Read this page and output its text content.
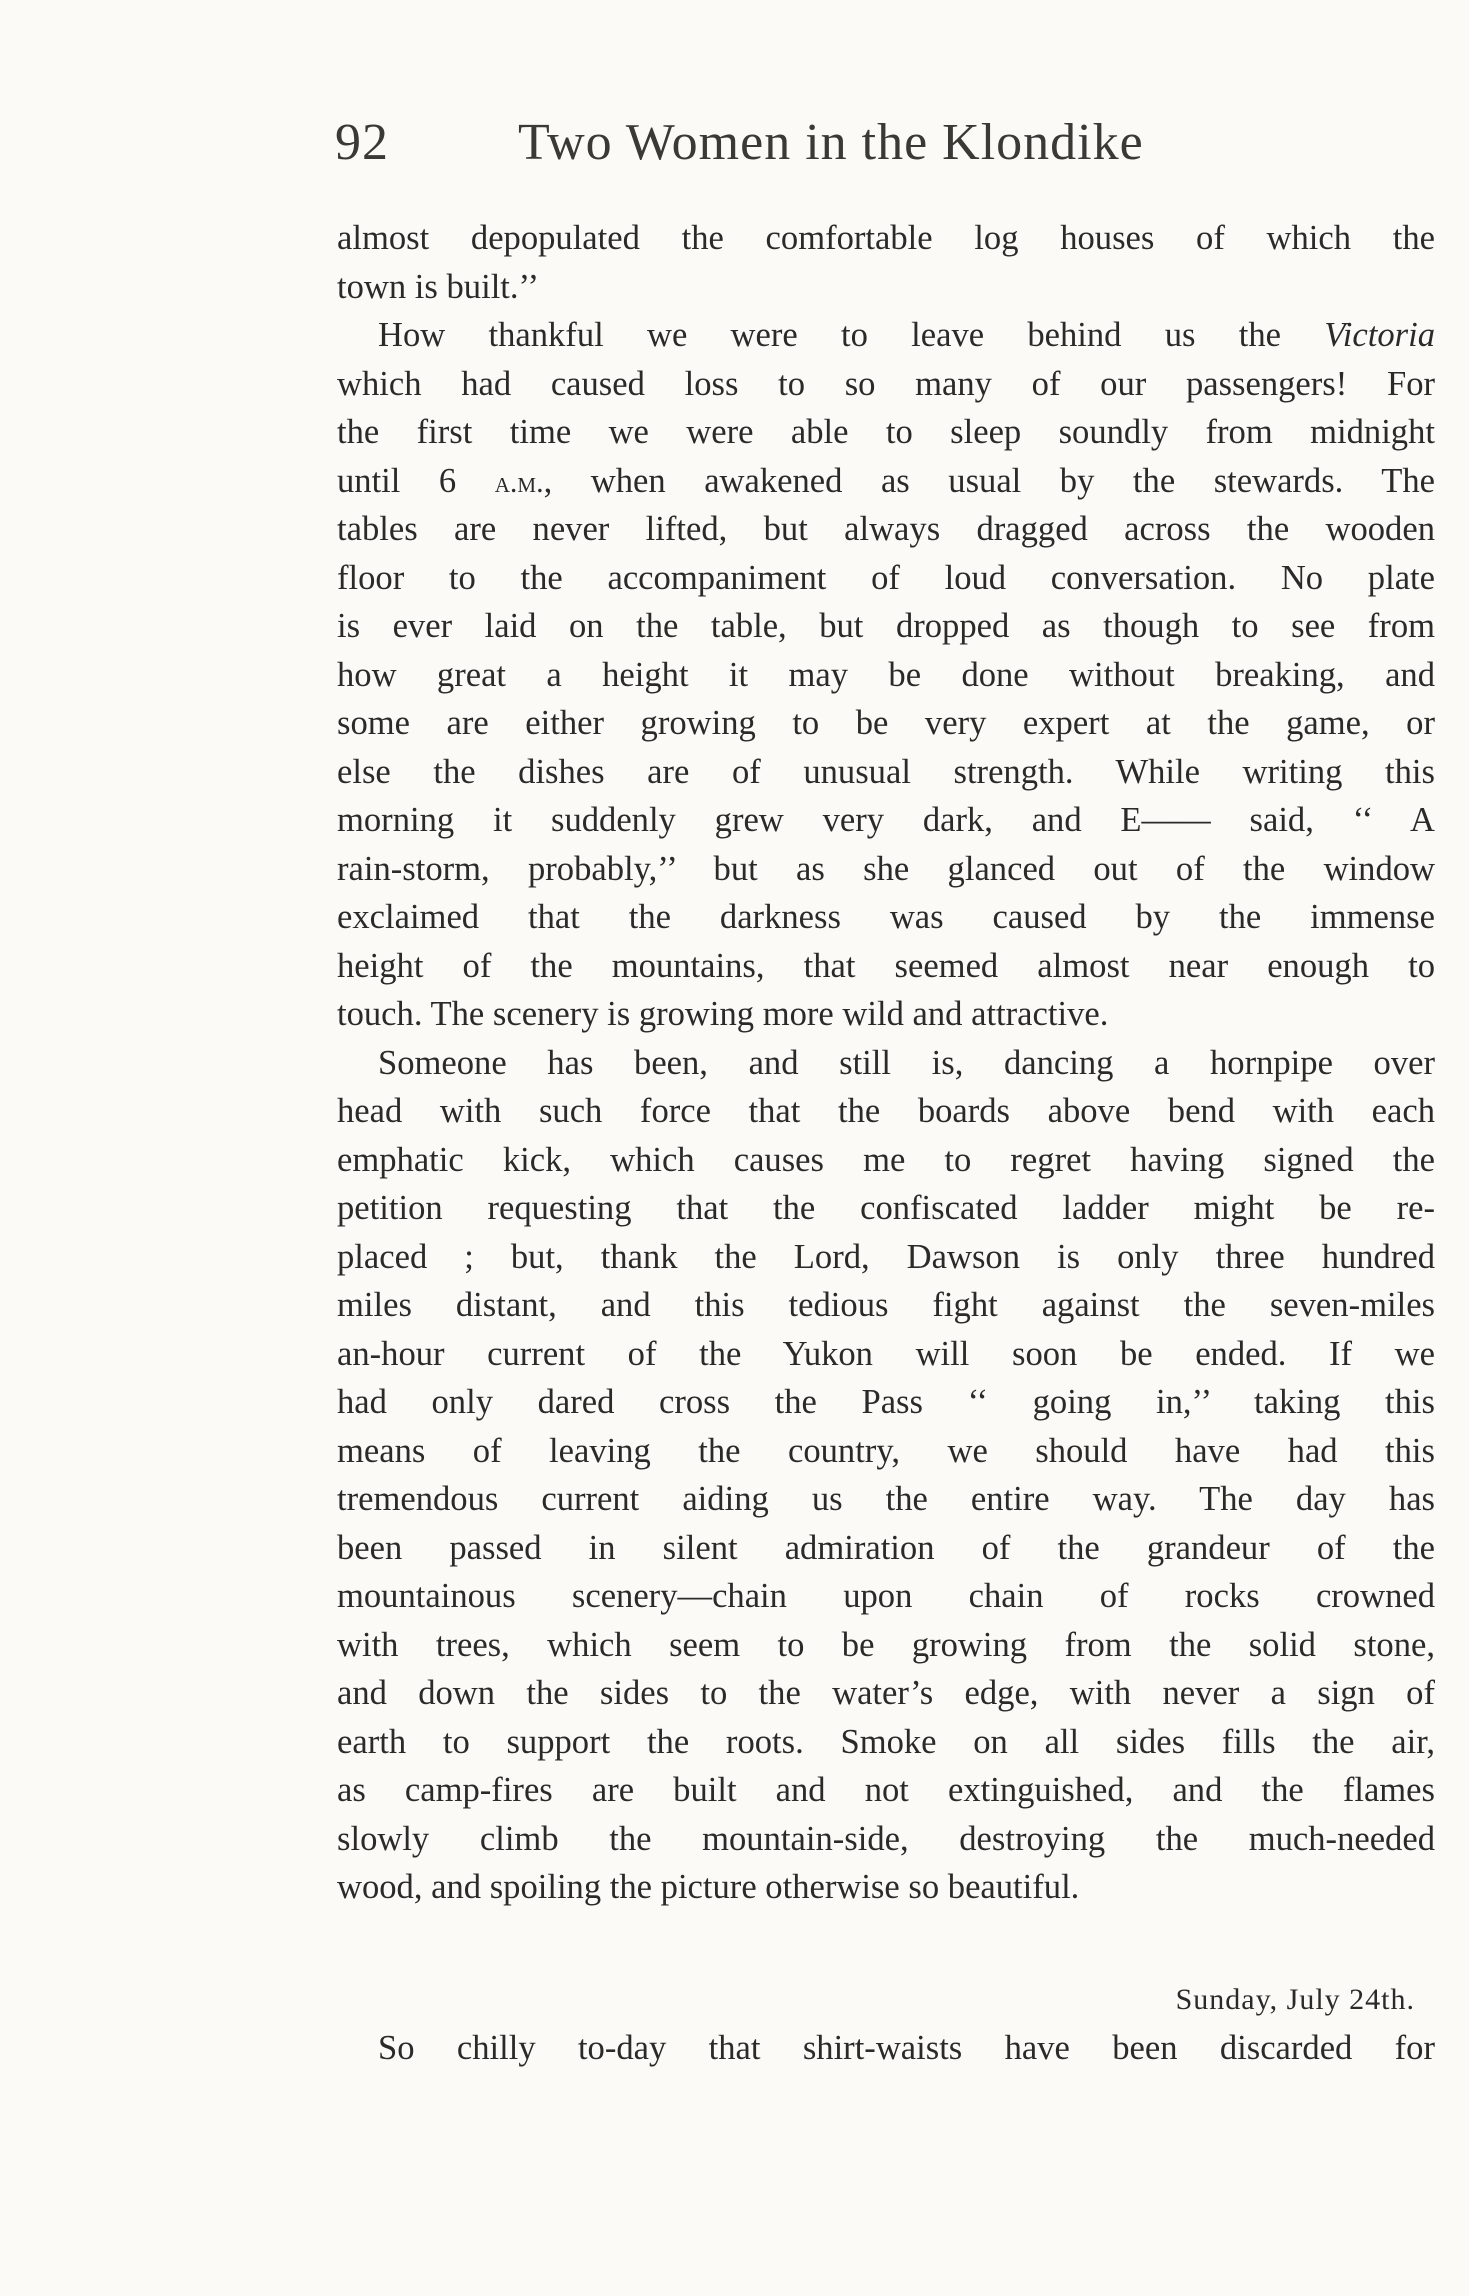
92 Two Women in the Klondike
almost depopulated the comfortable log houses of which the
town is built.’’
How thankful we were to leave behind us the Victoria
which had caused loss to so many of our passengers! For
the first time we were able to sleep soundly from midnight
until 6 a.m., when awakened as usual by the stewards. The
tables are never lifted, but always dragged across the wooden
floor to the accompaniment of loud conversation. No plate
is ever laid on the table, but dropped as though to see from
how great a height it may be done without breaking, and
some are either growing to be very expert at the game, or
else the dishes are of unusual strength. While writing this
morning it suddenly grew very dark, and E—— said, ‘‘ A
rain-storm, probably,’’ but as she glanced out of the window
exclaimed that the darkness was caused by the immense
height of the mountains, that seemed almost near enough to
touch. The scenery is growing more wild and attractive.
Someone has been, and still is, dancing a hornpipe over
head with such force that the boards above bend with each
emphatic kick, which causes me to regret having signed the
petition requesting that the confiscated ladder might be re-
placed ; but, thank the Lord, Dawson is only three hundred
miles distant, and this tedious fight against the seven-miles
an-hour current of the Yukon will soon be ended. If we
had only dared cross the Pass ‘‘ going in,’’ taking this
means of leaving the country, we should have had this
tremendous current aiding us the entire way. The day has
been passed in silent admiration of the grandeur of the
mountainous scenery—chain upon chain of rocks crowned
with trees, which seem to be growing from the solid stone,
and down the sides to the water’s edge, with never a sign of
earth to support the roots. Smoke on all sides fills the air,
as camp-fires are built and not extinguished, and the flames
slowly climb the mountain-side, destroying the much-needed
wood, and spoiling the picture otherwise so beautiful.
Sunday, July 24th.
So chilly to-day that shirt-waists have been discarded for
